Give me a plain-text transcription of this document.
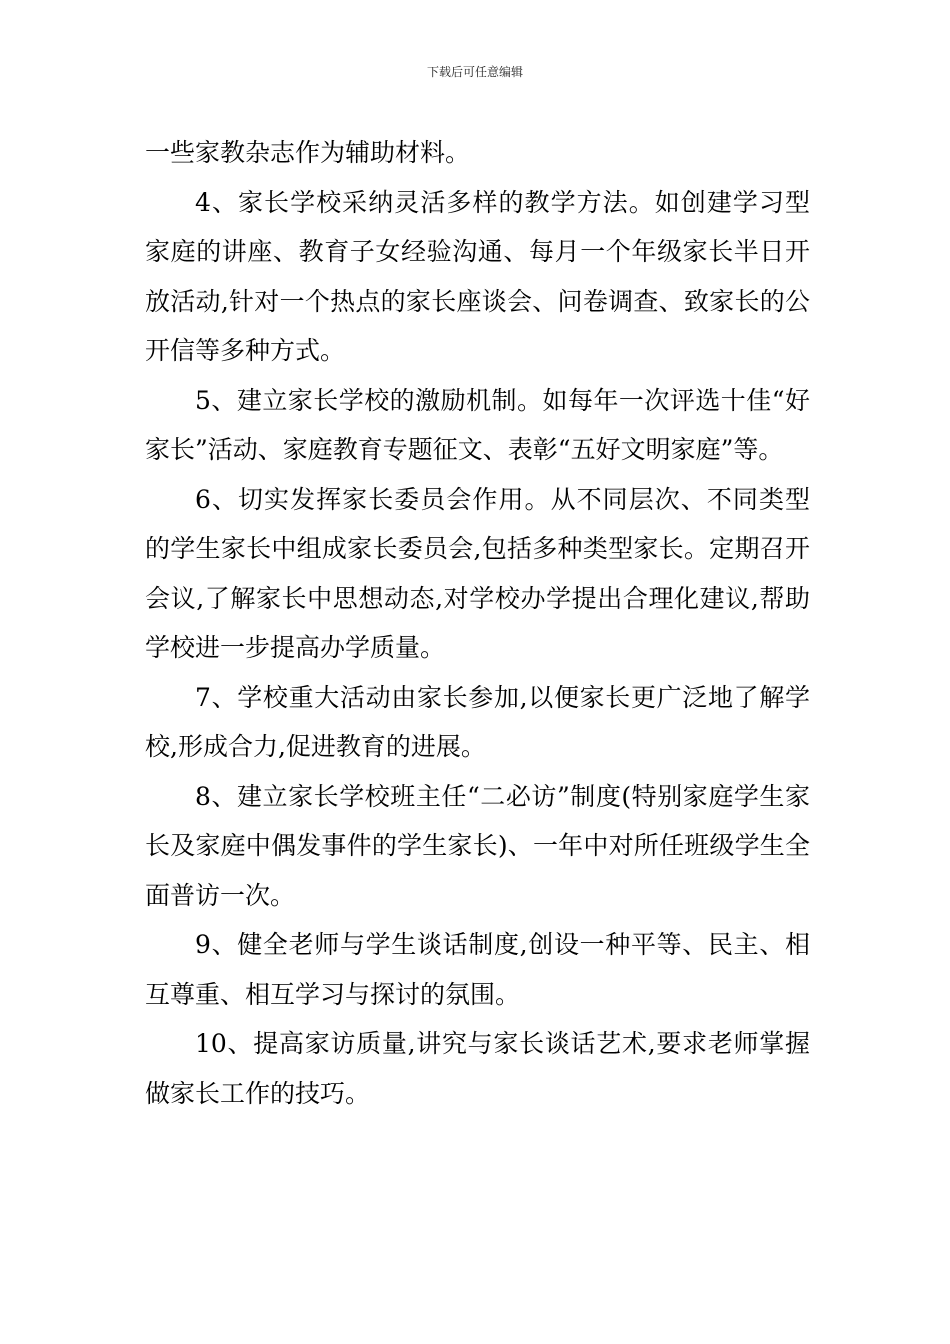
下载后可任意编辑

一些家教杂志作为辅助材料。

4、家长学校采纳灵活多样的教学方法。如创建学习型家庭的讲座、教育子女经验沟通、每月一个年级家长半日开放活动,针对一个热点的家长座谈会、问卷调查、致家长的公开信等多种方式。

5、建立家长学校的激励机制。如每年一次评选十佳“好家长”活动、家庭教育专题征文、表彰“五好文明家庭”等。

6、切实发挥家长委员会作用。从不同层次、不同类型的学生家长中组成家长委员会,包括多种类型家长。定期召开会议,了解家长中思想动态,对学校办学提出合理化建议,帮助学校进一步提高办学质量。

7、学校重大活动由家长参加,以便家长更广泛地了解学校,形成合力,促进教育的进展。

8、建立家长学校班主任“二必访”制度(特别家庭学生家长及家庭中偶发事件的学生家长)、一年中对所任班级学生全面普访一次。

9、健全老师与学生谈话制度,创设一种平等、民主、相互尊重、相互学习与探讨的氛围。

10、提高家访质量,讲究与家长谈话艺术,要求老师掌握做家长工作的技巧。
